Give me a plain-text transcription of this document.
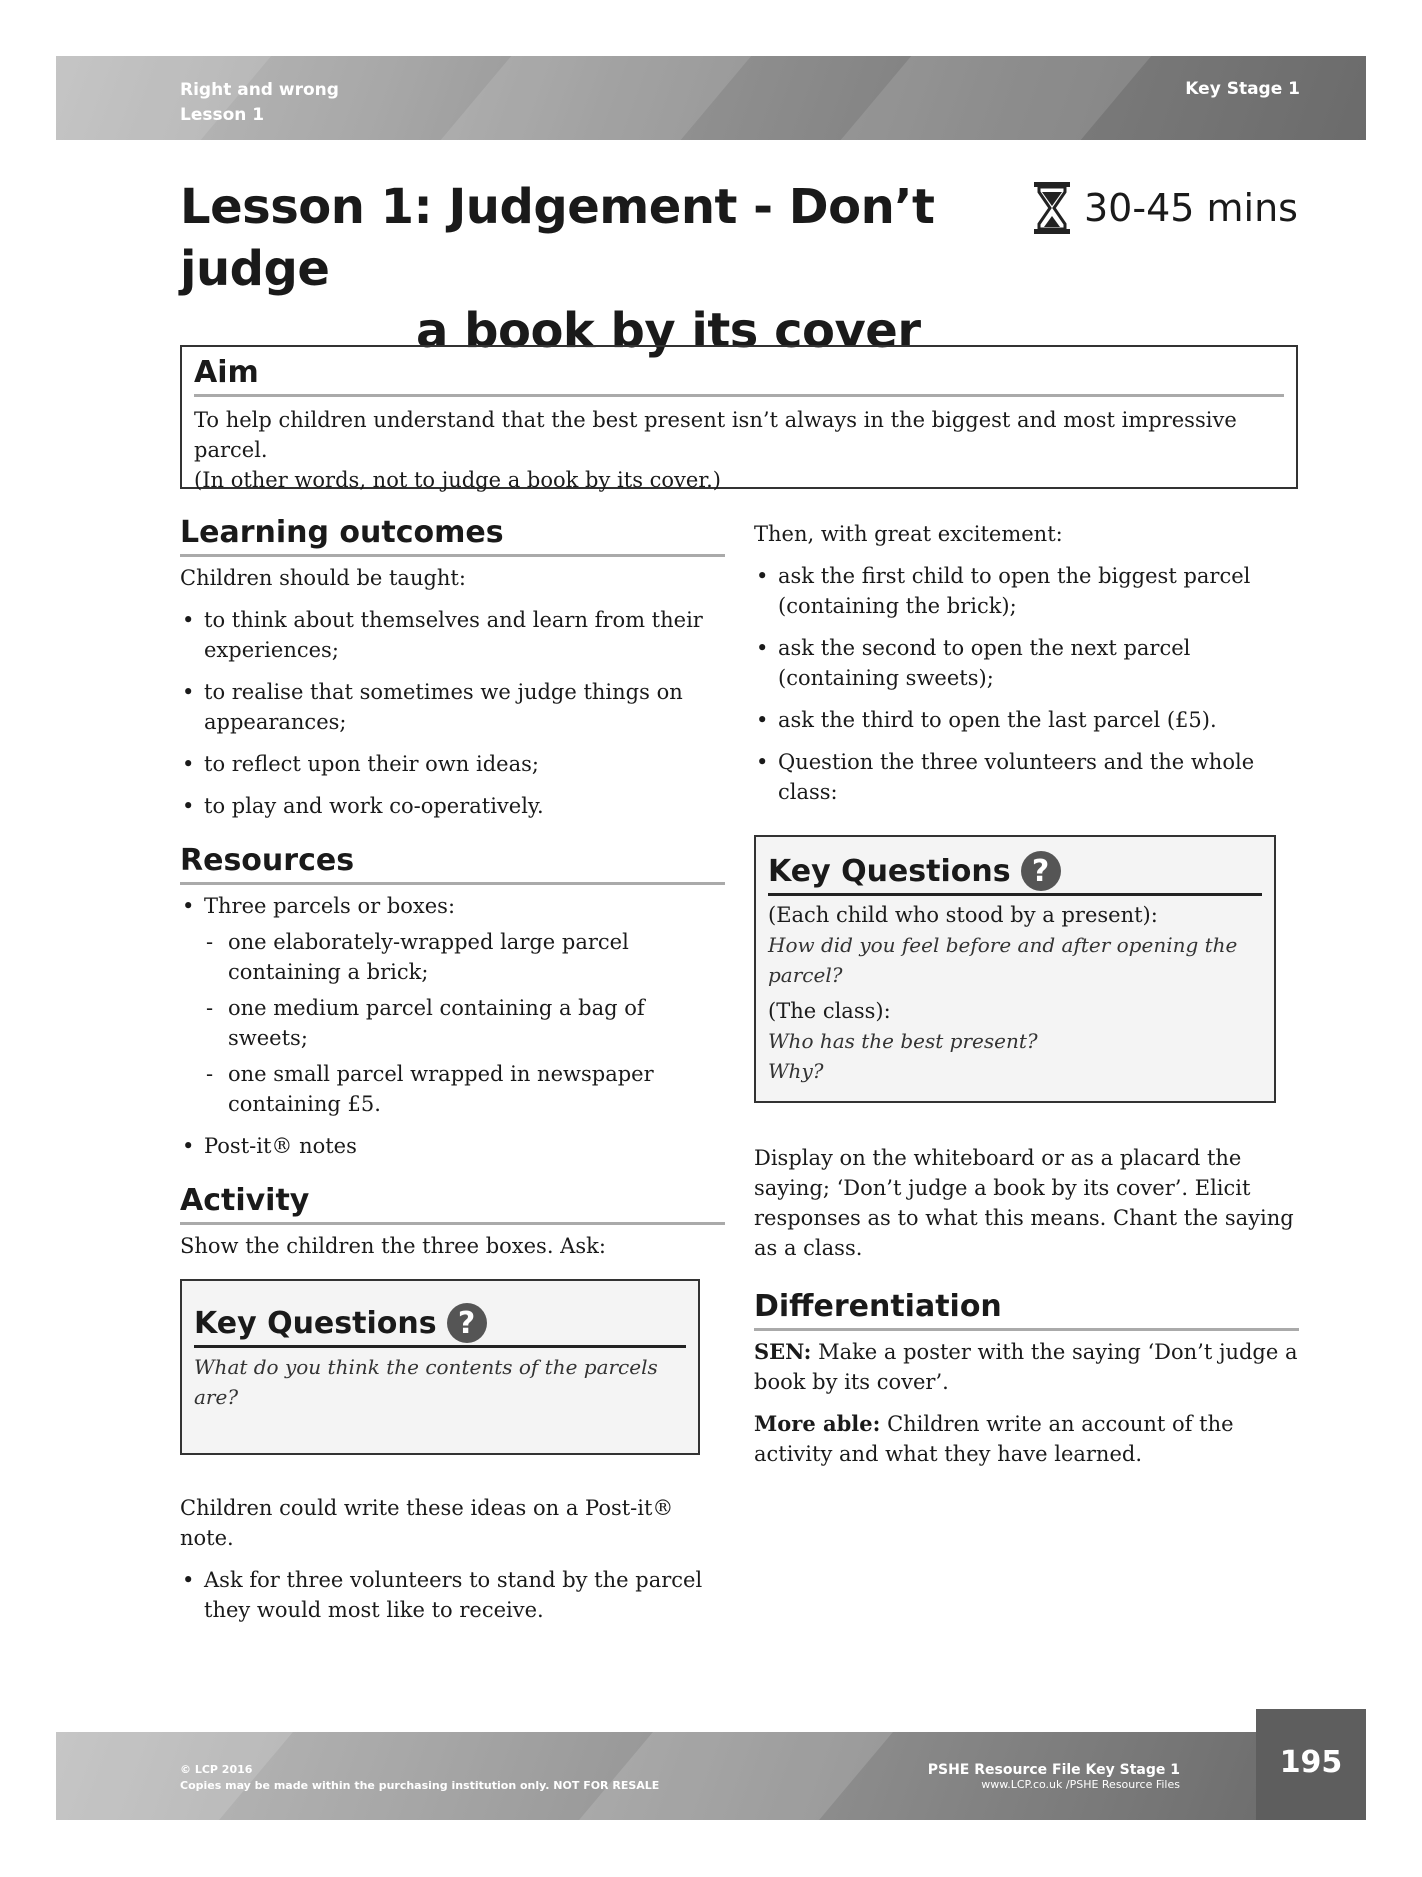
Right and wrong
Lesson 1
Key Stage 1
Lesson 1: Judgement - Don’t judge
a book by its cover
30-45 mins
Aim

To help children understand that the best present isn’t always in the biggest and most impressive parcel.
(In other words, not to judge a book by its cover.)

Learning outcomes

Children should be taught:

• to think about themselves and learn from their experiences;
• to realise that sometimes we judge things on appearances;
• to reflect upon their own ideas;
• to play and work co-operatively.
Resources
• Three parcels or boxes:
- one elaborately-wrapped large parcel containing a brick;
- one medium parcel containing a bag of sweets;
- one small parcel wrapped in newspaper containing £5.
• Post-it® notes
Activity

Show the children the three boxes. Ask:

Key Questions ?
What do you think the contents of the parcels are?

Children could write these ideas on a Post-it® note.

• Ask for three volunteers to stand by the parcel they would most like to receive.

Then, with great excitement:

• ask the first child to open the biggest parcel (containing the brick);
• ask the second to open the next parcel (containing sweets);
• ask the third to open the last parcel (£5).
• Question the three volunteers and the whole class:
Key Questions ?
(Each child who stood by a present):
How did you feel before and after opening the parcel?
(The class):
Who has the best present?
Why?

Display on the whiteboard or as a placard the saying; ‘Don’t judge a book by its cover’. Elicit responses as to what this means. Chant the saying as a class.

Differentiation

SEN: Make a poster with the saying ‘Don’t judge a book by its cover’.

More able: Children write an account of the activity and what they have learned.

© LCP 2016
Copies may be made within the purchasing institution only. NOT FOR RESALE
PSHE Resource File Key Stage 1
www.LCP.co.uk /PSHE Resource Files
195
